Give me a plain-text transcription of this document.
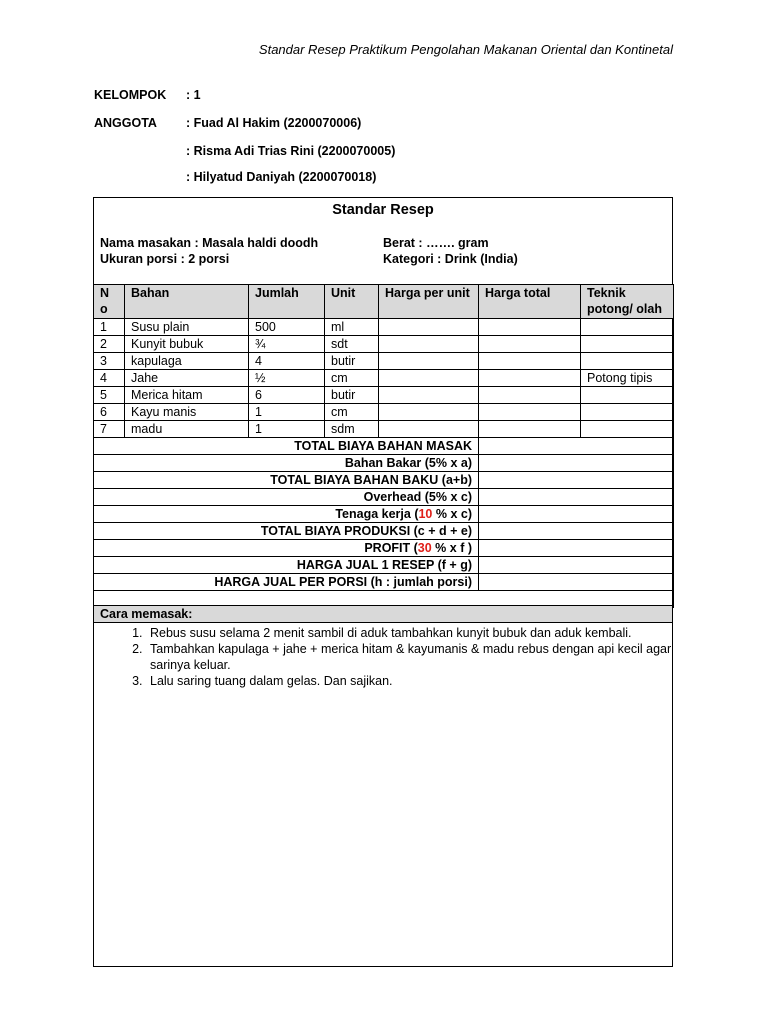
Standar Resep Praktikum Pengolahan Makanan Oriental dan Kontinetal
KELOMPOK : 1
ANGGOTA : Fuad Al Hakim (2200070006)
: Risma Adi Trias Rini (2200070005)
: Hilyatud Daniyah (2200070018)
Standar Resep
Nama masakan : Masala haldi doodh
Ukuran porsi : 2 porsi
Berat : ……. gram
Kategori : Drink (India)
N o	Bahan	Jumlah	Unit	Harga per unit	Harga total	Teknik potong/ olah
1	Susu plain	500	ml			
2	Kunyit bubuk	¾	sdt			
3	kapulaga	4	butir			
4	Jahe	½	cm			Potong tipis
5	Merica hitam	6	butir			
6	Kayu manis	1	cm			
7	madu	1	sdm			
TOTAL BIAYA BAHAN MASAK						
Bahan Bakar (5% x a)						
TOTAL BIAYA BAHAN BAKU (a+b)						
Overhead (5% x c)						
Tenaga kerja (10 % x c)						
TOTAL BIAYA PRODUKSI (c + d + e)						
PROFIT (30 % x f )						
HARGA JUAL 1 RESEP (f + g)						
HARGA JUAL PER PORSI (h : jumlah porsi)						

Cara memasak:
1. Rebus susu selama 2 menit sambil di aduk tambahkan kunyit bubuk dan aduk kembali.
2. Tambahkan kapulaga + jahe + merica hitam & kayumanis & madu rebus dengan api kecil agar sarinya keluar.
3. Lalu saring tuang dalam gelas. Dan sajikan.
